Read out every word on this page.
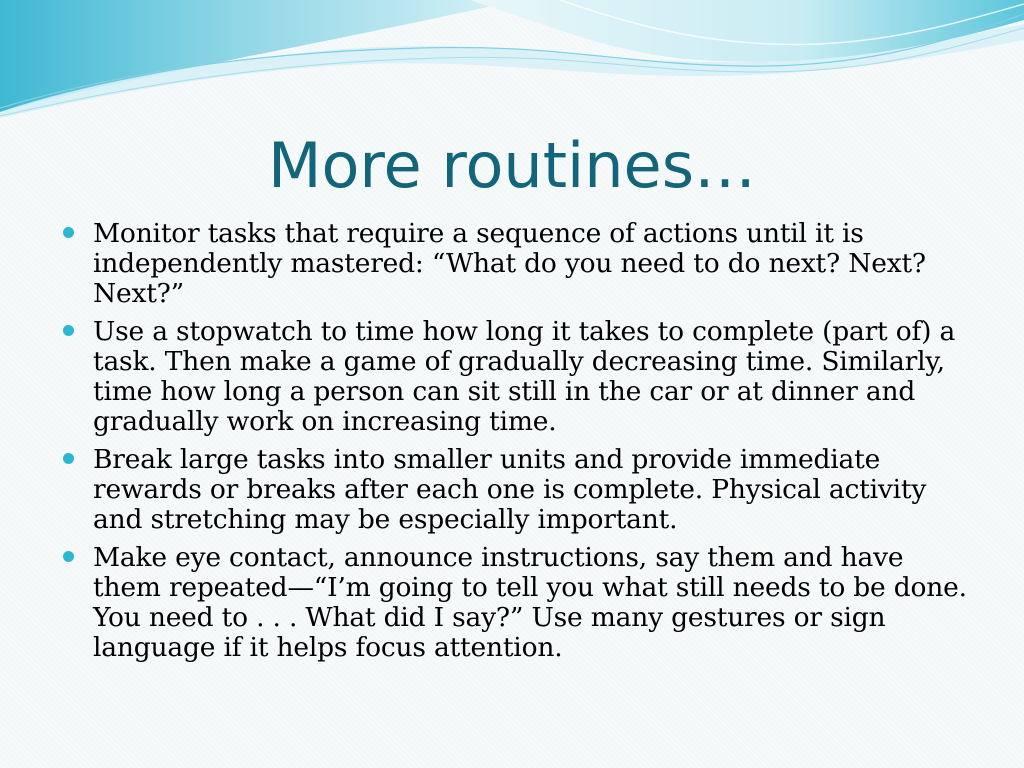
More routines…
Monitor tasks that require a sequence of actions until it is independently mastered: “What do you need to do next? Next? Next?”
Use a stopwatch to time how long it takes to complete (part of) a task. Then make a game of gradually decreasing time. Similarly, time how long a person can sit still in the car or at dinner and gradually work on increasing time.
Break large tasks into smaller units and provide immediate rewards or breaks after each one is complete. Physical activity and stretching may be especially important.
Make eye contact, announce instructions, say them and have them repeated—“I’m going to tell you what still needs to be done. You need to . . . What did I say?” Use many gestures or sign language if it helps focus attention.
